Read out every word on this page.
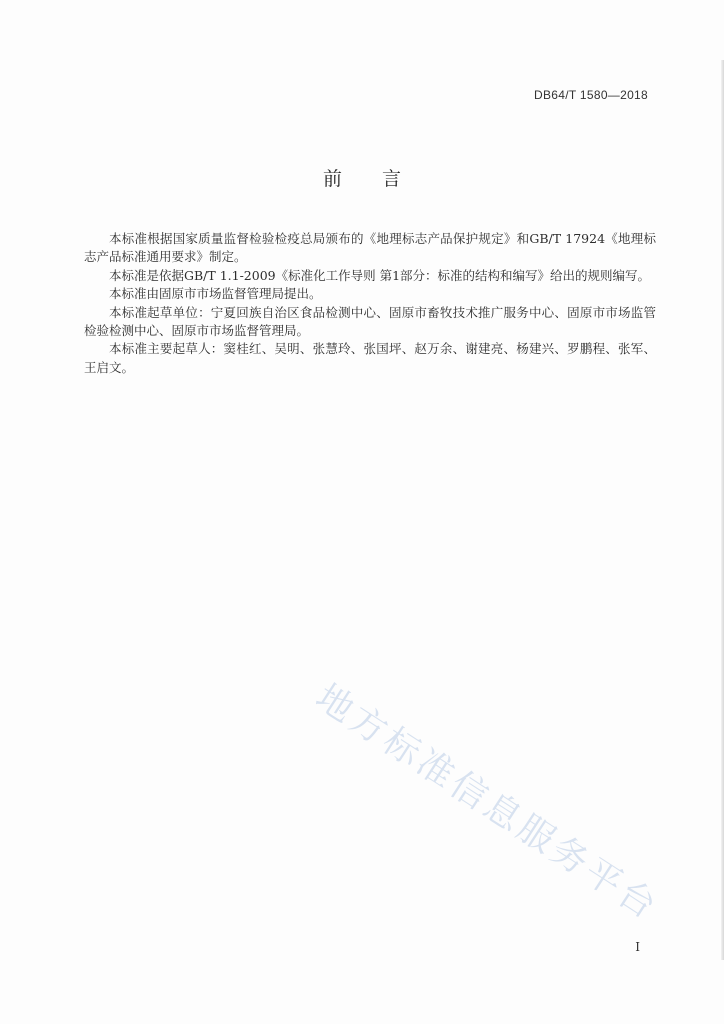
DB64/T 1580—2018
前言

本标准根据国家质量监督检验检疫总局颁布的《地理标志产品保护规定》和GB/T 17924《地理标志产品标准通用要求》制定。

本标准是依据GB/T 1.1-2009《标准化工作导则 第1部分：标准的结构和编写》给出的规则编写。

本标准由固原市市场监督管理局提出。

本标准起草单位：宁夏回族自治区食品检测中心、固原市畜牧技术推广服务中心、固原市市场监管检验检测中心、固原市市场监督管理局。

本标准主要起草人：窦桂红、吴明、张慧玲、张国坪、赵万余、谢建亮、杨建兴、罗鹏程、张军、王启文。

地方标准信息服务平台
I
